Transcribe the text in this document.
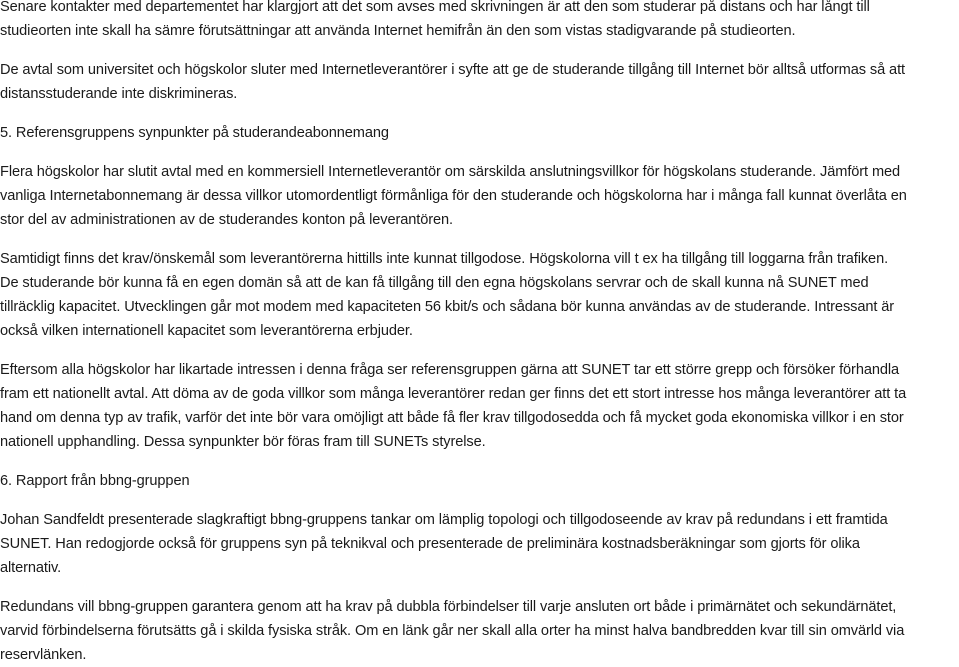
Senare kontakter med departementet har klargjort att det som avses med skrivningen är att den som studerar på distans och har långt till
studieorten inte skall ha sämre förutsättningar att använda Internet hemifrån än den som vistas stadigvarande på studieorten.

De avtal som universitet och högskolor sluter med Internetleverantörer i syfte att ge de studerande tillgång till Internet bör alltså utformas så att
distansstuderande inte diskrimineras.

5. Referensgruppens synpunkter på studerandeabonnemang

Flera högskolor har slutit avtal med en kommersiell Internetleverantör om särskilda anslutningsvillkor för högskolans studerande. Jämfört med
vanliga Internetabonnemang är dessa villkor utomordentligt förmånliga för den studerande och högskolorna har i många fall kunnat överlåta en
stor del av administrationen av de studerandes konton på leverantören.

Samtidigt finns det krav/önskemål som leverantörerna hittills inte kunnat tillgodose. Högskolorna vill t ex ha tillgång till loggarna från trafiken.
De studerande bör kunna få en egen domän så att de kan få tillgång till den egna högskolans servrar och de skall kunna nå SUNET med
tillräcklig kapacitet. Utvecklingen går mot modem med kapaciteten 56 kbit/s och sådana bör kunna användas av de studerande. Intressant är
också vilken internationell kapacitet som leverantörerna erbjuder.

Eftersom alla högskolor har likartade intressen i denna fråga ser referensgruppen gärna att SUNET tar ett större grepp och försöker förhandla
fram ett nationellt avtal. Att döma av de goda villkor som många leverantörer redan ger finns det ett stort intresse hos många leverantörer att ta
hand om denna typ av trafik, varför det inte bör vara omöjligt att både få fler krav tillgodosedda och få mycket goda ekonomiska villkor i en stor
nationell upphandling. Dessa synpunkter bör föras fram till SUNETs styrelse.

6. Rapport från bbng-gruppen

Johan Sandfeldt presenterade slagkraftigt bbng-gruppens tankar om lämplig topologi och tillgodoseende av krav på redundans i ett framtida
SUNET. Han redogjorde också för gruppens syn på teknikval och presenterade de preliminära kostnadsberäkningar som gjorts för olika
alternativ.

Redundans vill bbng-gruppen garantera genom att ha krav på dubbla förbindelser till varje ansluten ort både i primärnätet och sekundärnätet,
varvid förbindelserna förutsätts gå i skilda fysiska stråk. Om en länk går ner skall alla orter ha minst halva bandbredden kvar till sin omvärld via
reservlänken.
